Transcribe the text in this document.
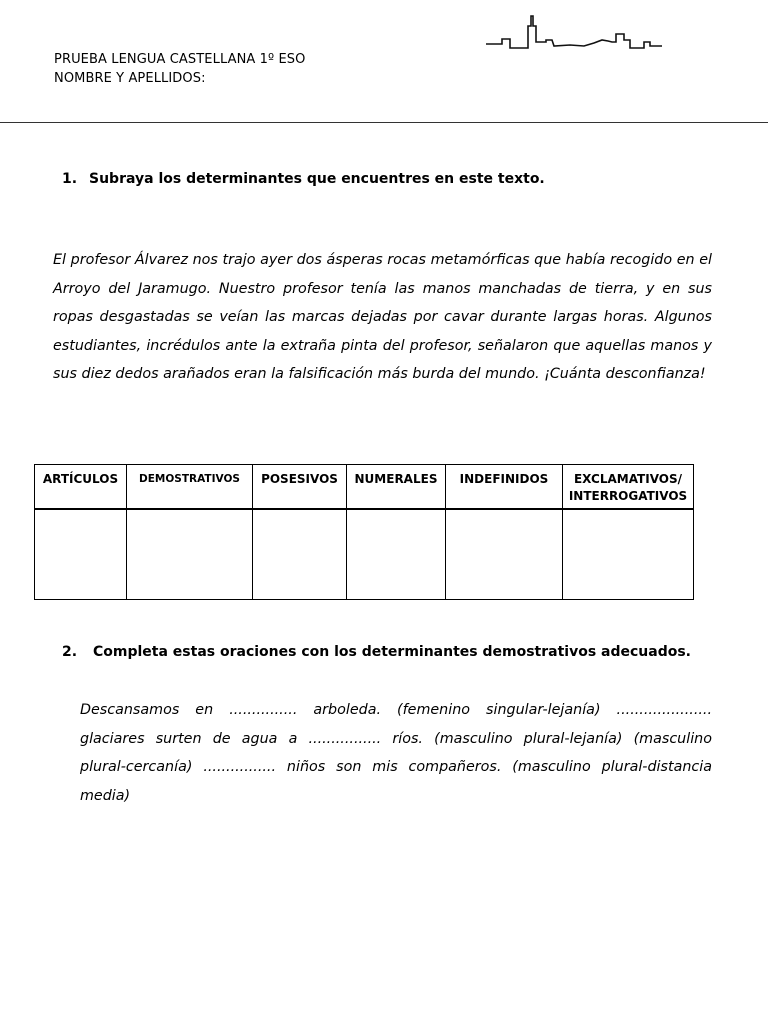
PRUEBA LENGUA CASTELLANA 1º ESO
NOMBRE Y APELLIDOS:
1. Subraya los determinantes que encuentres en este texto.
El profesor Álvarez nos trajo ayer dos ásperas rocas metamórficas que había recogido en el Arroyo del Jaramugo. Nuestro profesor tenía las manos manchadas de tierra, y en sus ropas desgastadas se veían las marcas dejadas por cavar durante largas horas. Algunos estudiantes, incrédulos ante la extraña pinta del profesor, señalaron que aquellas manos y sus diez dedos arañados eran la falsificación más burda del mundo. ¡Cuánta desconfianza!
ARTÍCULOS	DEMOSTRATIVOS	POSESIVOS	NUMERALES	INDEFINIDOS	EXCLAMATIVOS/ INTERROGATIVOS

2. Completa estas oraciones con los determinantes demostrativos adecuados.
Descansamos en ............... arboleda. (femenino singular-lejanía) ..................... glaciares surten de agua a ................ ríos. (masculino plural-lejanía) (masculino plural-cercanía) ................ niños son mis compañeros. (masculino plural-distancia media)
